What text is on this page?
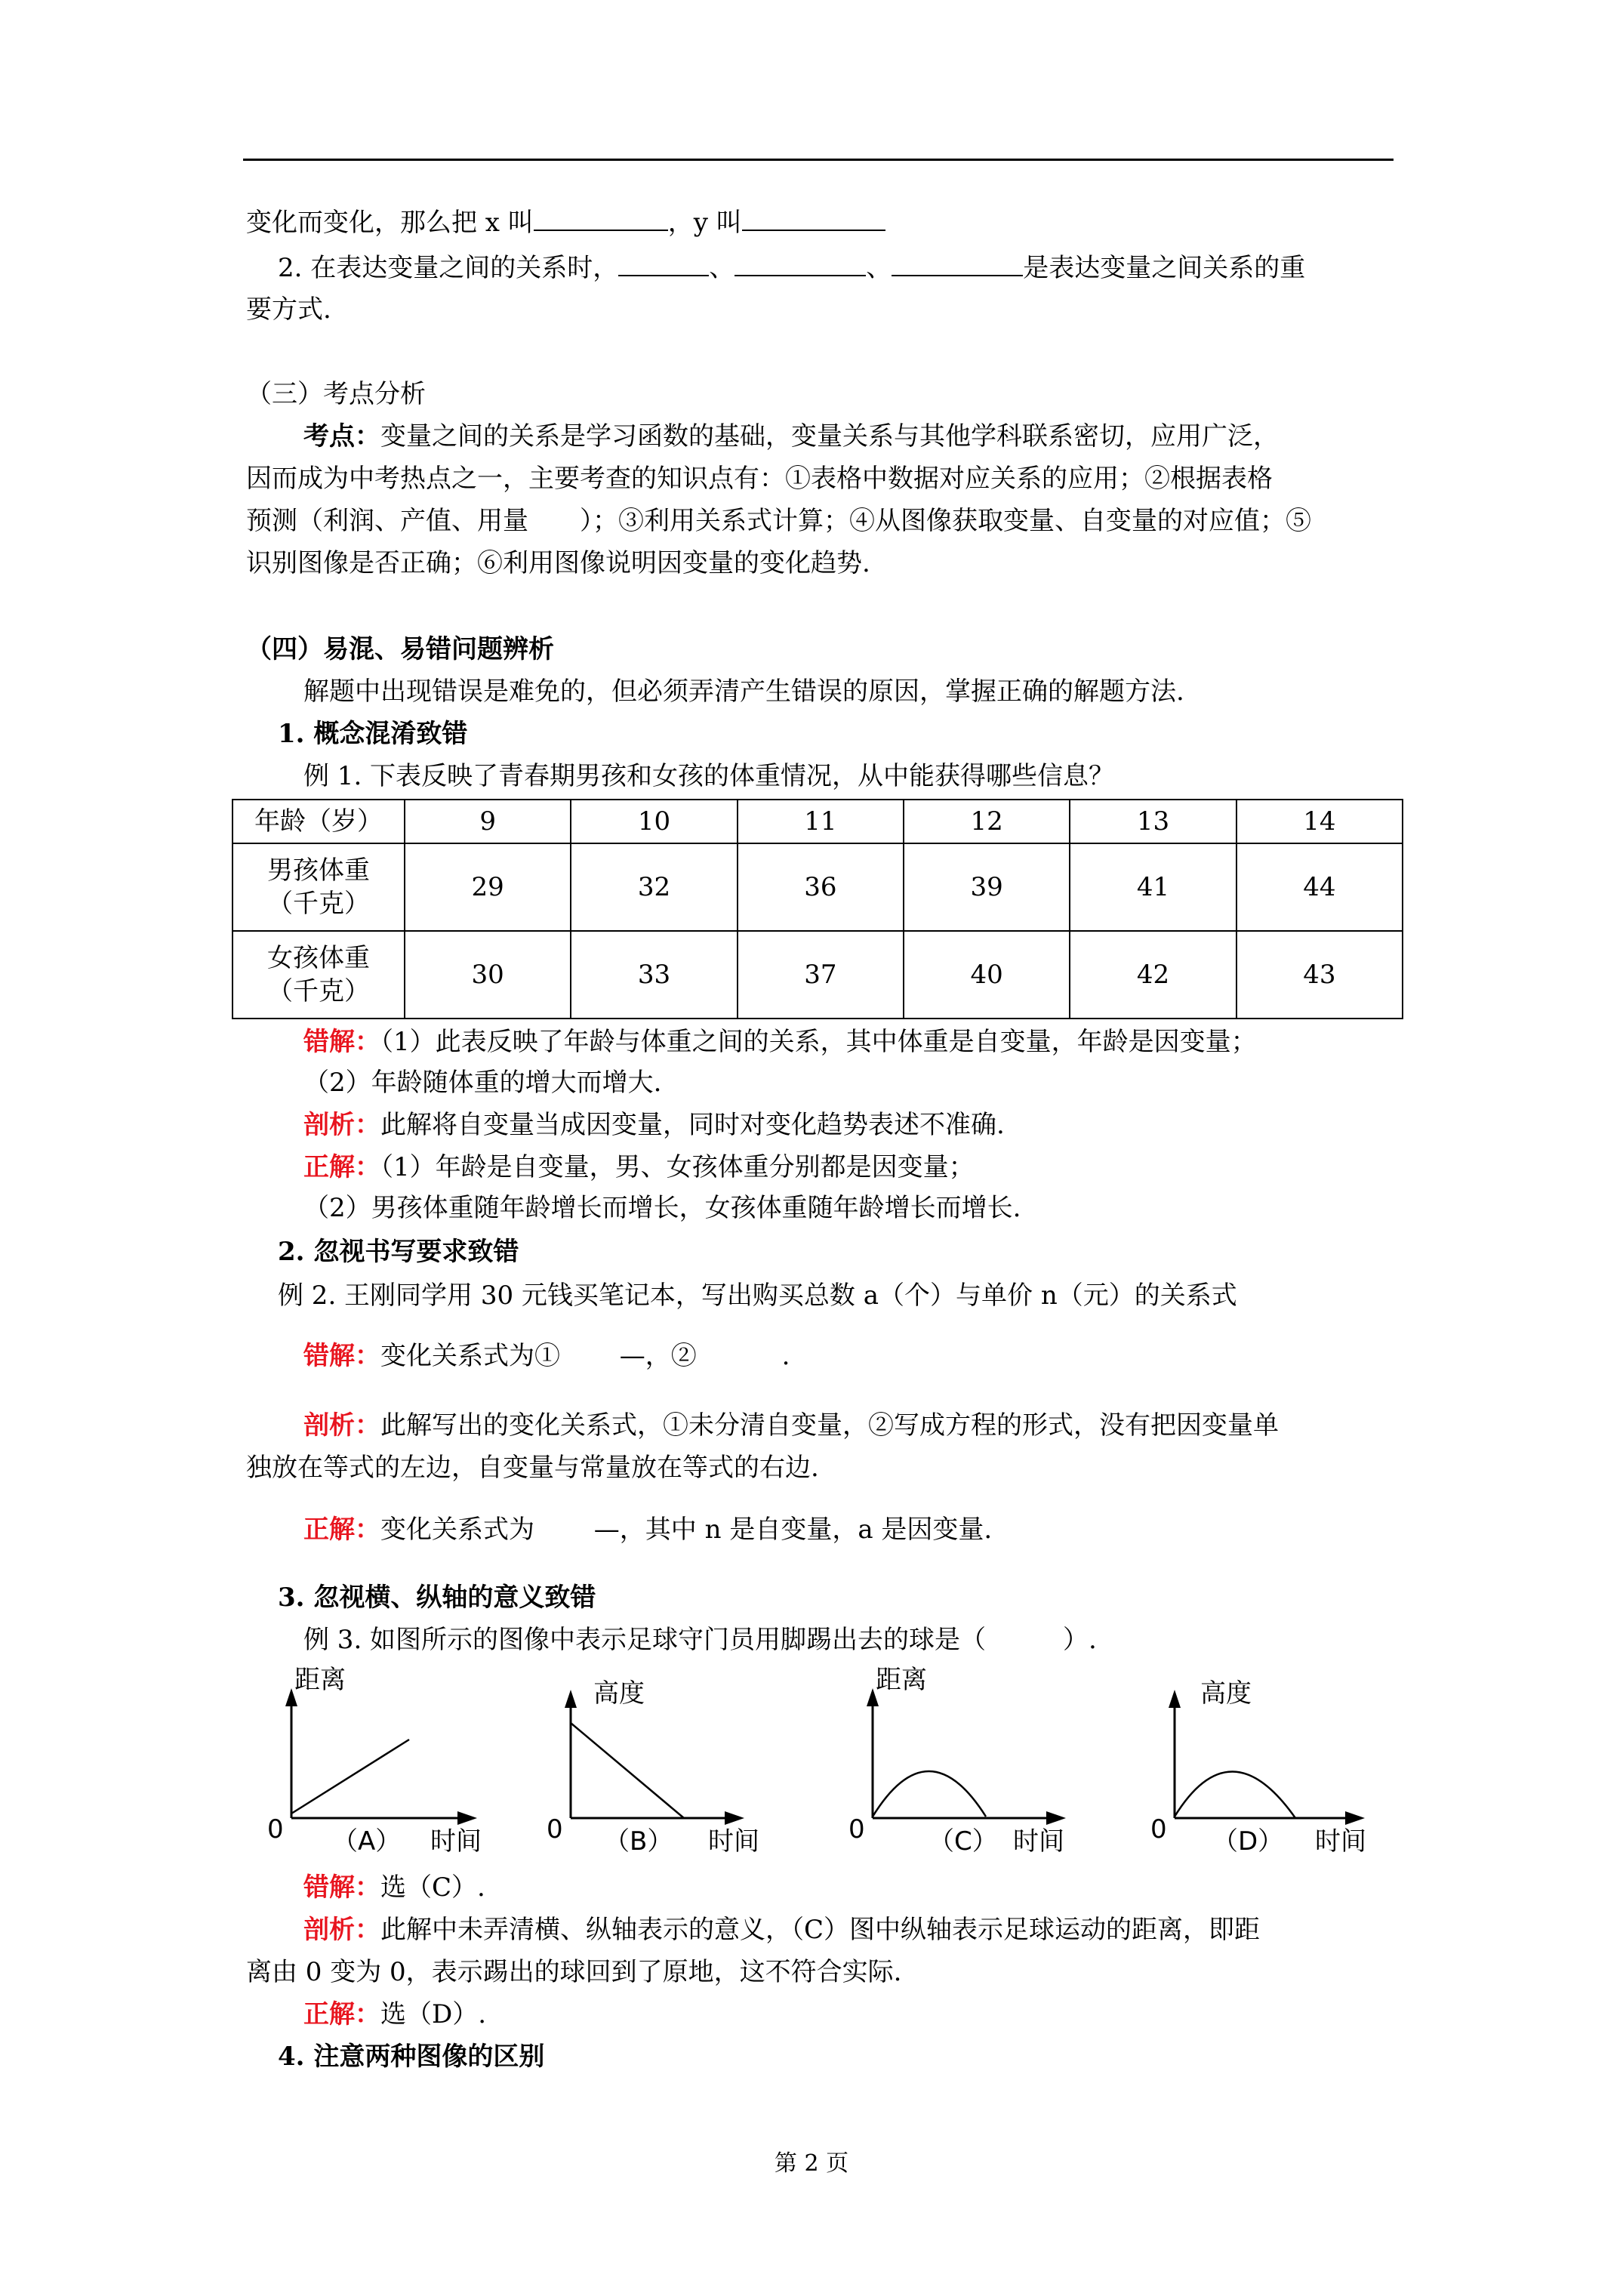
变化而变化，那么把 x 叫	，y 叫
2. 在表达变量之间的关系时，	、	、	是表达变量之间关系的重
要方式.
（三）考点分析
考点：变量之间的关系是学习函数的基础，变量关系与其他学科联系密切，应用广泛，
因而成为中考热点之一，主要考查的知识点有：①表格中数据对应关系的应用；②根据表格
预测（利润、产值、用量　　）；③利用关系式计算；④从图像获取变量、自变量的对应值；⑤
识别图像是否正确；⑥利用图像说明因变量的变化趋势.
（四）易混、易错问题辨析
解题中出现错误是难免的，但必须弄清产生错误的原因，掌握正确的解题方法.
1. 概念混淆致错
例 1. 下表反映了青春期男孩和女孩的体重情况，从中能获得哪些信息？
年龄（岁）	9	10	11	12	13	14

男孩体重
（千克）	29	32	36	39	41	44

女孩体重
（千克）	30	33	37	40	42	43
错解：（1）此表反映了年龄与体重之间的关系，其中体重是自变量，年龄是因变量；
（2）年龄随体重的增大而增大.
剖析：此解将自变量当成因变量，同时对变化趋势表述不准确.
正解：（1）年龄是自变量，男、女孩体重分别都是因变量；
（2）男孩体重随年龄增长而增长，女孩体重随年龄增长而增长.
2. 忽视书写要求致错
例 2. 王刚同学用 30 元钱买笔记本，写出购买总数 a（个）与单价 n（元）的关系式
错解：变化关系式为①　　 —，②　　　 .
剖析：此解写出的变化关系式，①未分清自变量，②写成方程的形式，没有把因变量单
独放在等式的左边，自变量与常量放在等式的右边.
正解：变化关系式为　　 —，其中 n 是自变量，a 是因变量.
3. 忽视横、纵轴的意义致错
例 3. 如图所示的图像中表示足球守门员用脚踢出去的球是（　　　）.
距离
0 （A） 时间
高度
0 （B） 时间
距离
0 （C） 时间
高度
0 （D） 时间
错解：选（C）.
剖析：此解中未弄清横、纵轴表示的意义，（C）图中纵轴表示足球运动的距离，即距
离由 0 变为 0，表示踢出的球回到了原地，这不符合实际.
正解：选（D）.
4. 注意两种图像的区别
第 2 页
